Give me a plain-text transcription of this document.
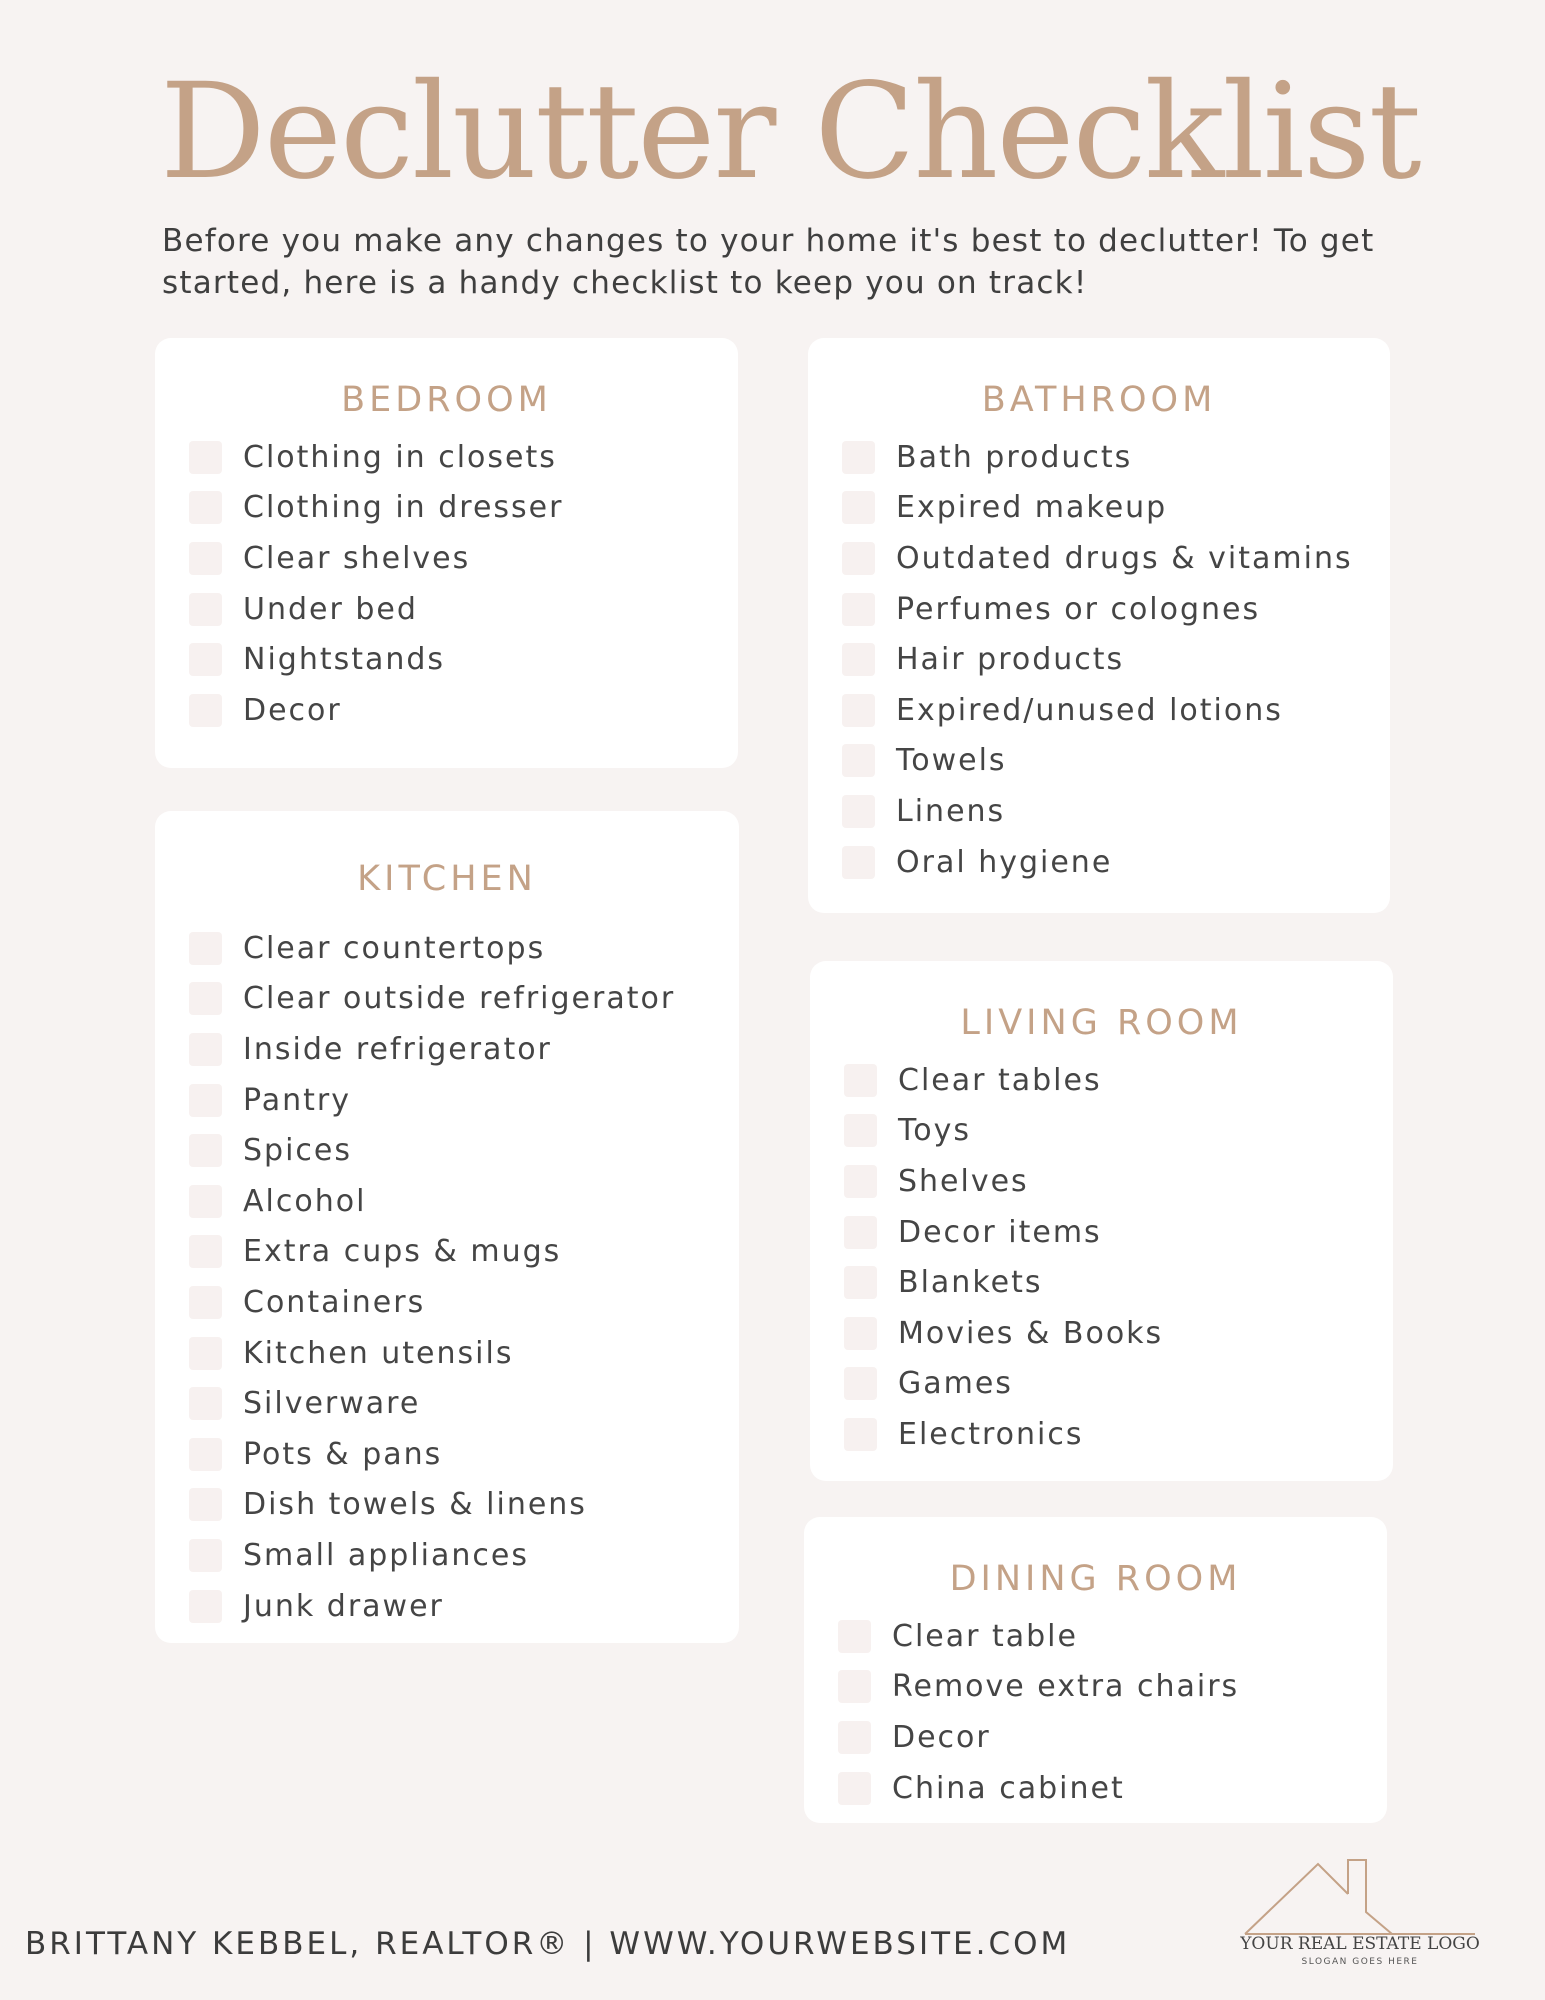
Declutter Checklist

Before you make any changes to your home it's best to declutter! To get started, here is a handy checklist to keep you on track!

BEDROOM
Clothing in closets
Clothing in dresser
Clear shelves
Under bed
Nightstands
Decor
BATHROOM
Bath products
Expired makeup
Outdated drugs & vitamins
Perfumes or colognes
Hair products
Expired/unused lotions
Towels
Linens
Oral hygiene
KITCHEN
Clear countertops
Clear outside refrigerator
Inside refrigerator
Pantry
Spices
Alcohol
Extra cups & mugs
Containers
Kitchen utensils
Silverware
Pots & pans
Dish towels & linens
Small appliances
Junk drawer
LIVING ROOM
Clear tables
Toys
Shelves
Decor items
Blankets
Movies & Books
Games
Electronics
DINING ROOM
Clear table
Remove extra chairs
Decor
China cabinet
BRITTANY KEBBEL, REALTOR® | WWW.YOURWEBSITE.COM	YOUR REAL ESTATE LOGO
SLOGAN GOES HERE
